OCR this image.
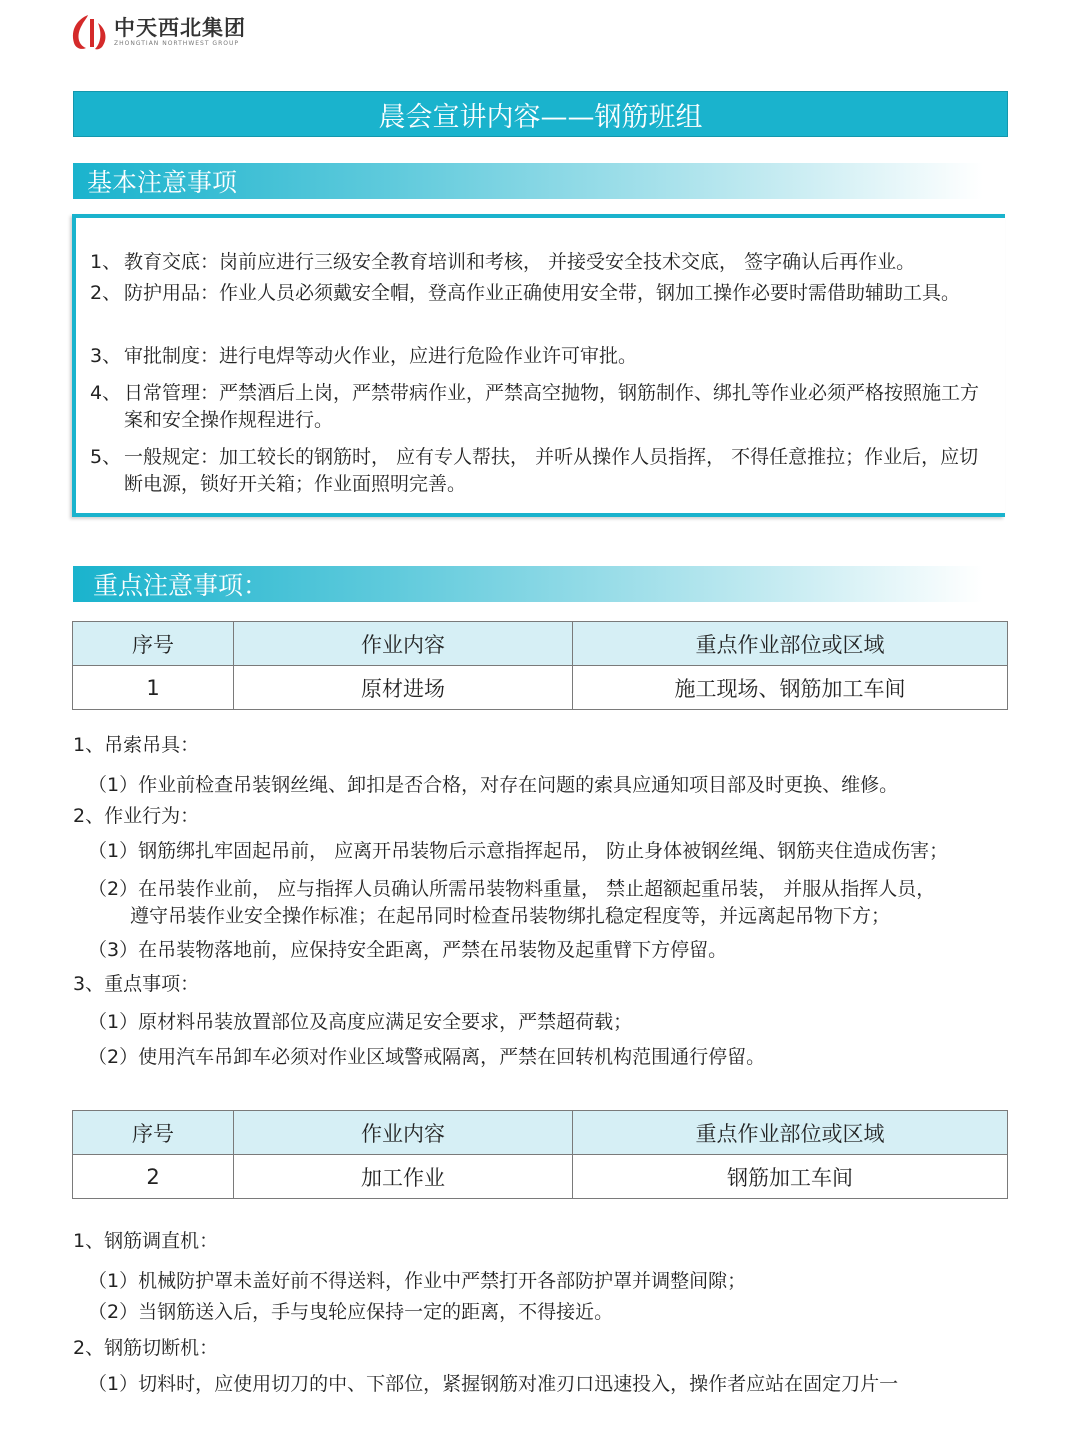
中天西北集团
ZHONGTIAN NORTHWEST GROUP
晨会宣讲内容——钢筋班组
基本注意事项
1、 教育交底：岗前应进行三级安全教育培训和考核， 并接受安全技术交底， 签字确认后再作业。
2、 防护用品：作业人员必须戴安全帽，登高作业正确使用安全带，钢加工操作必要时需借助辅助工具。
3、 审批制度：进行电焊等动火作业，应进行危险作业许可审批。
4、 日常管理：严禁酒后上岗，严禁带病作业，严禁高空抛物，钢筋制作、绑扎等作业必须严格按照施工方案和安全操作规程进行。
5、 一般规定：加工较长的钢筋时， 应有专人帮扶， 并听从操作人员指挥， 不得任意推拉；作业后，应切断电源，锁好开关箱；作业面照明完善。
重点注意事项：
序号	作业内容	重点作业部位或区域
1	原材进场	施工现场、钢筋加工车间
1、吊索吊具：
（1）作业前检查吊装钢丝绳、卸扣是否合格，对存在问题的索具应通知项目部及时更换、维修。
2、作业行为：
（1）钢筋绑扎牢固起吊前， 应离开吊装物后示意指挥起吊， 防止身体被钢丝绳、钢筋夹住造成伤害；
（2）在吊装作业前， 应与指挥人员确认所需吊装物料重量， 禁止超额起重吊装， 并服从指挥人员，
遵守吊装作业安全操作标准；在起吊同时检查吊装物绑扎稳定程度等，并远离起吊物下方；
（3）在吊装物落地前，应保持安全距离，严禁在吊装物及起重臂下方停留。
3、重点事项：
（1）原材料吊装放置部位及高度应满足安全要求，严禁超荷载；
（2）使用汽车吊卸车必须对作业区域警戒隔离，严禁在回转机构范围通行停留。
序号	作业内容	重点作业部位或区域
2	加工作业	钢筋加工车间
1、钢筋调直机：
（1）机械防护罩未盖好前不得送料，作业中严禁打开各部防护罩并调整间隙；
（2）当钢筋送入后，手与曳轮应保持一定的距离，不得接近。
2、钢筋切断机：
（1）切料时，应使用切刀的中、下部位，紧握钢筋对准刃口迅速投入，操作者应站在固定刀片一
